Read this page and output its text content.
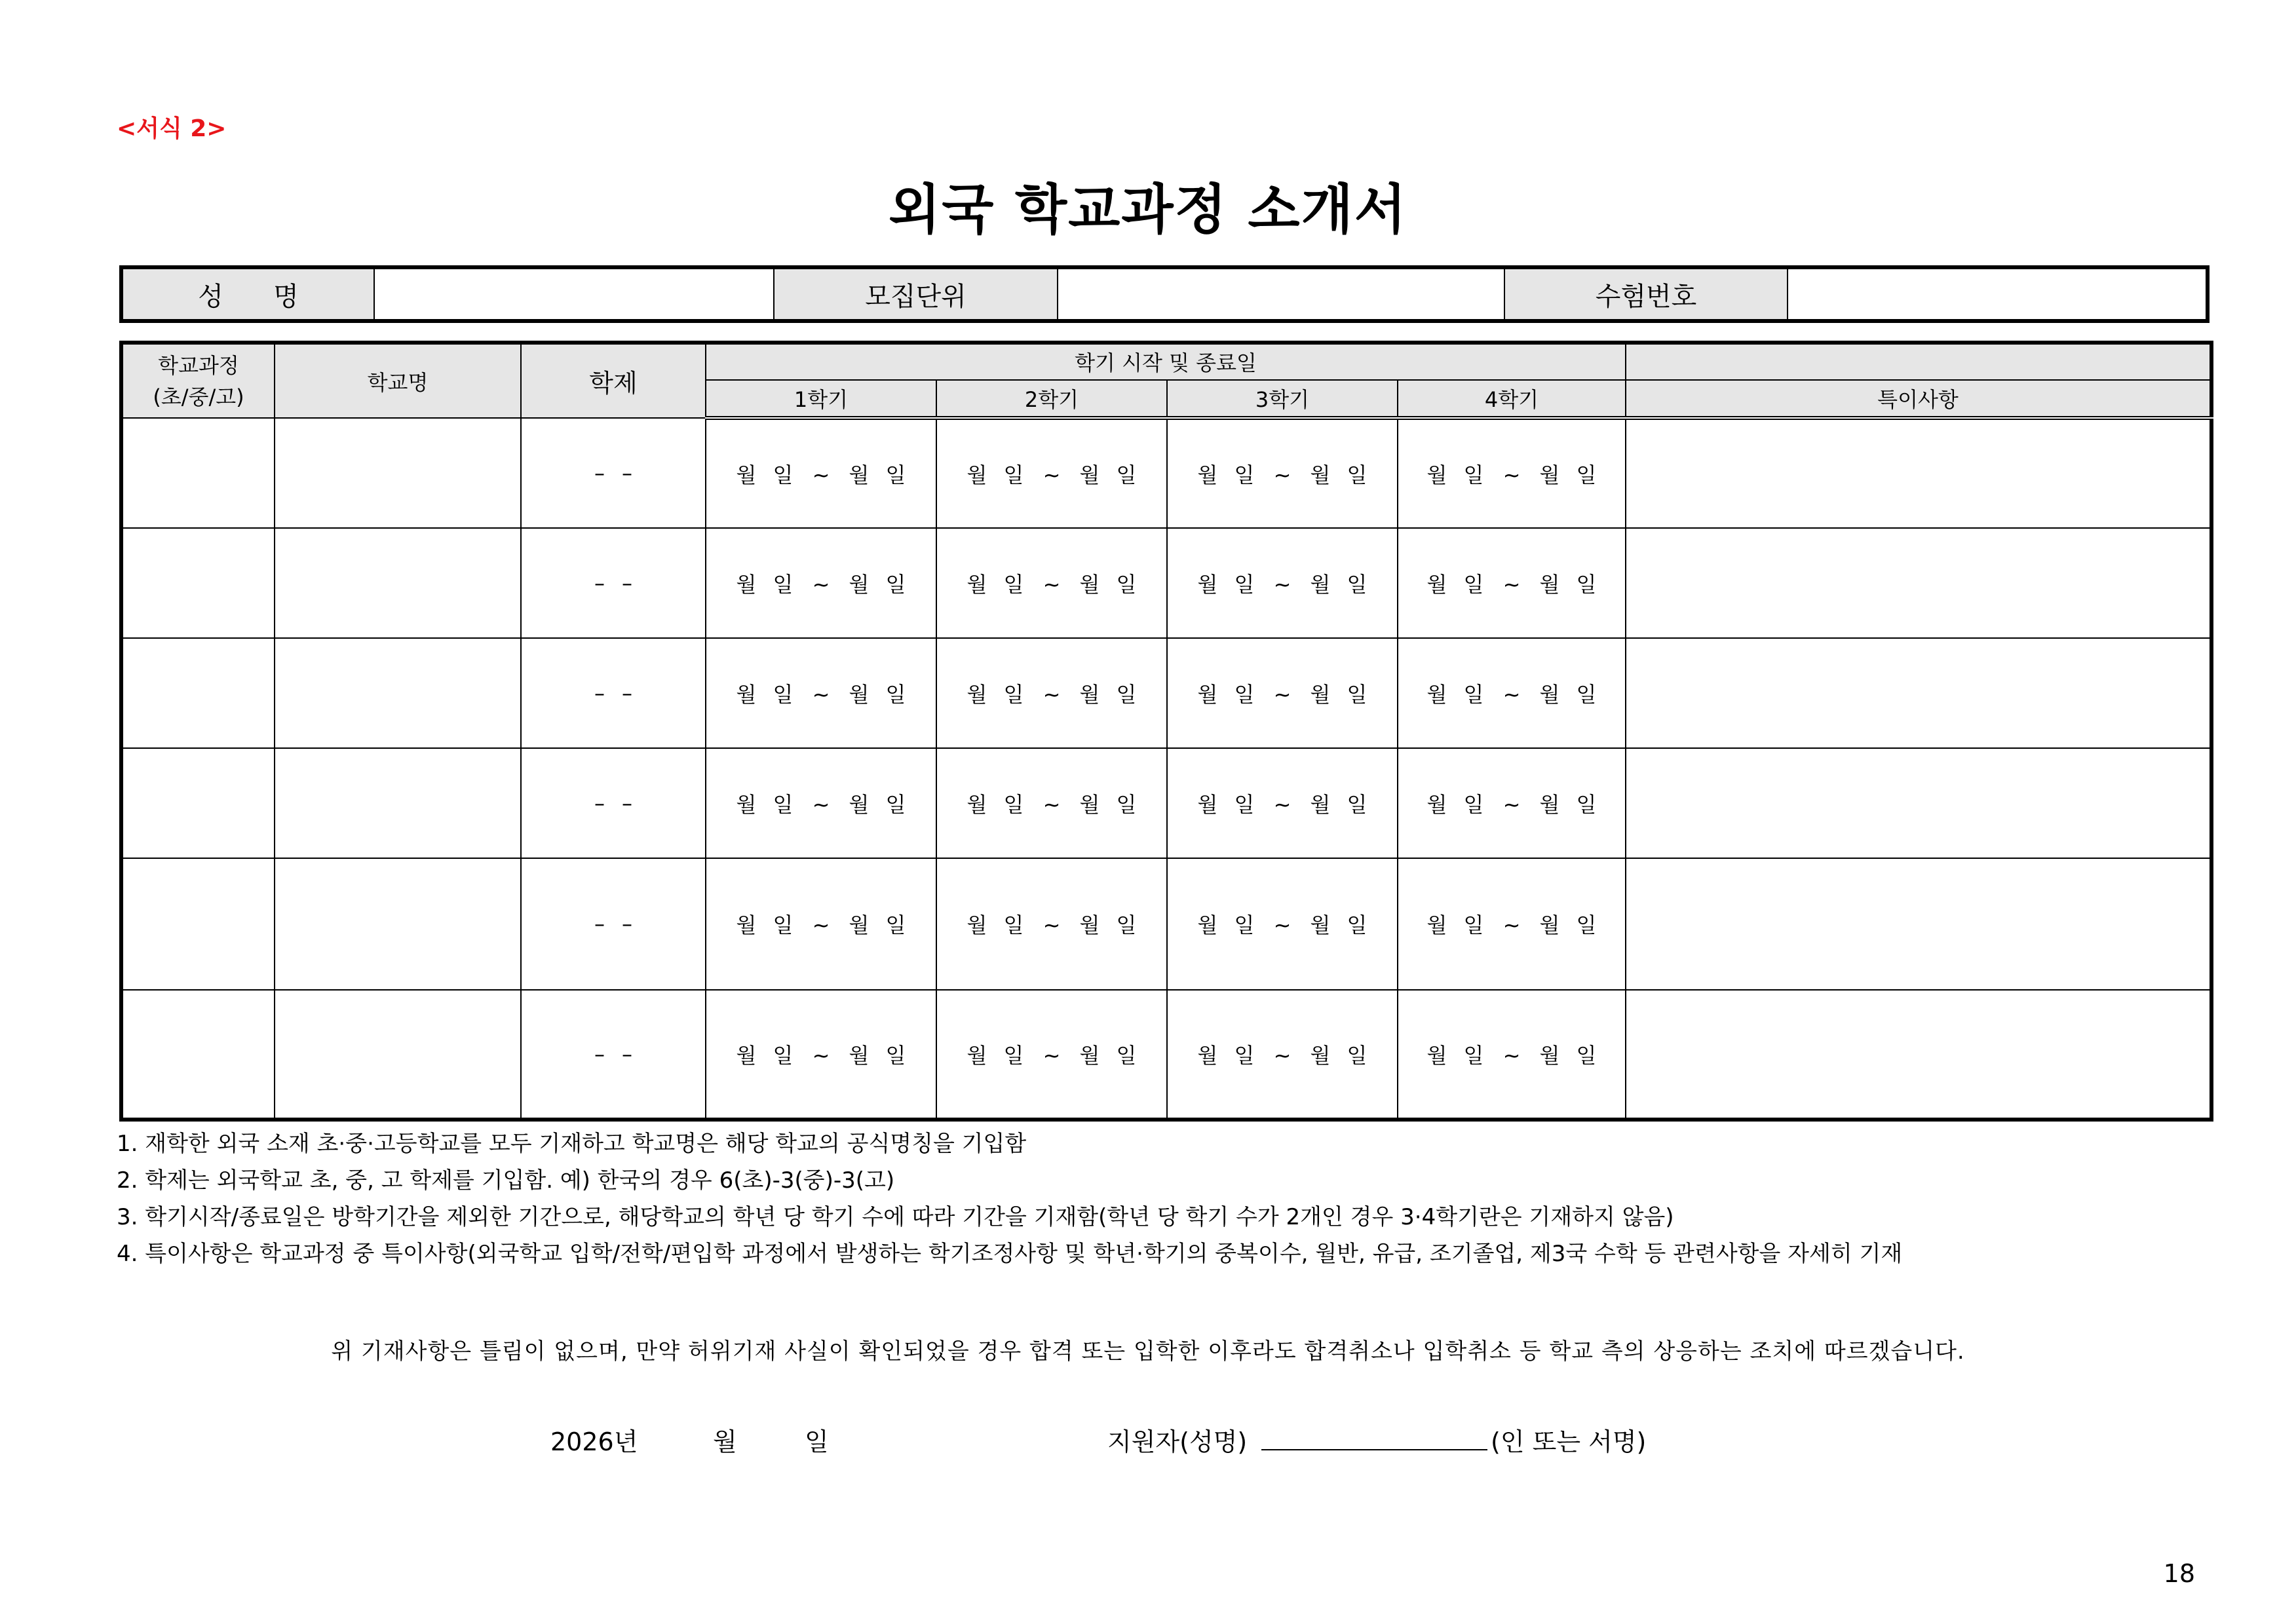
<서식 2>
외국 학교과정 소개서
성      명		모집단위		수험번호	
학교과정
(초/중/고)	학교명	학제	학기 시작 및 종료일				
			1학기	2학기	3학기	4학기	특이사항
		– –	월 일 ~ 월 일	월 일 ~ 월 일	월 일 ~ 월 일	월 일 ~ 월 일	
		– –	월 일 ~ 월 일	월 일 ~ 월 일	월 일 ~ 월 일	월 일 ~ 월 일	
		– –	월 일 ~ 월 일	월 일 ~ 월 일	월 일 ~ 월 일	월 일 ~ 월 일	
		– –	월 일 ~ 월 일	월 일 ~ 월 일	월 일 ~ 월 일	월 일 ~ 월 일	
		– –	월 일 ~ 월 일	월 일 ~ 월 일	월 일 ~ 월 일	월 일 ~ 월 일	
		– –	월 일 ~ 월 일	월 일 ~ 월 일	월 일 ~ 월 일	월 일 ~ 월 일	
1. 재학한 외국 소재 초·중·고등학교를 모두 기재하고 학교명은 해당 학교의 공식명칭을 기입함
2. 학제는 외국학교 초, 중, 고 학제를 기입함. 예) 한국의 경우 6(초)-3(중)-3(고)
3. 학기시작/종료일은 방학기간을 제외한 기간으로, 해당학교의 학년 당 학기 수에 따라 기간을 기재함(학년 당 학기 수가 2개인 경우 3·4학기란은 기재하지 않음)
4. 특이사항은 학교과정 중 특이사항(외국학교 입학/전학/편입학 과정에서 발생하는 학기조정사항 및 학년·학기의 중복이수, 월반, 유급, 조기졸업, 제3국 수학 등 관련사항을 자세히 기재
위 기재사항은 틀림이 없으며, 만약 허위기재 사실이 확인되었을 경우 합격 또는 입학한 이후라도 합격취소나 입학취소 등 학교 측의 상응하는 조치에 따르겠습니다.
2026년	월	일	지원자(성명)	(인 또는 서명)
18
